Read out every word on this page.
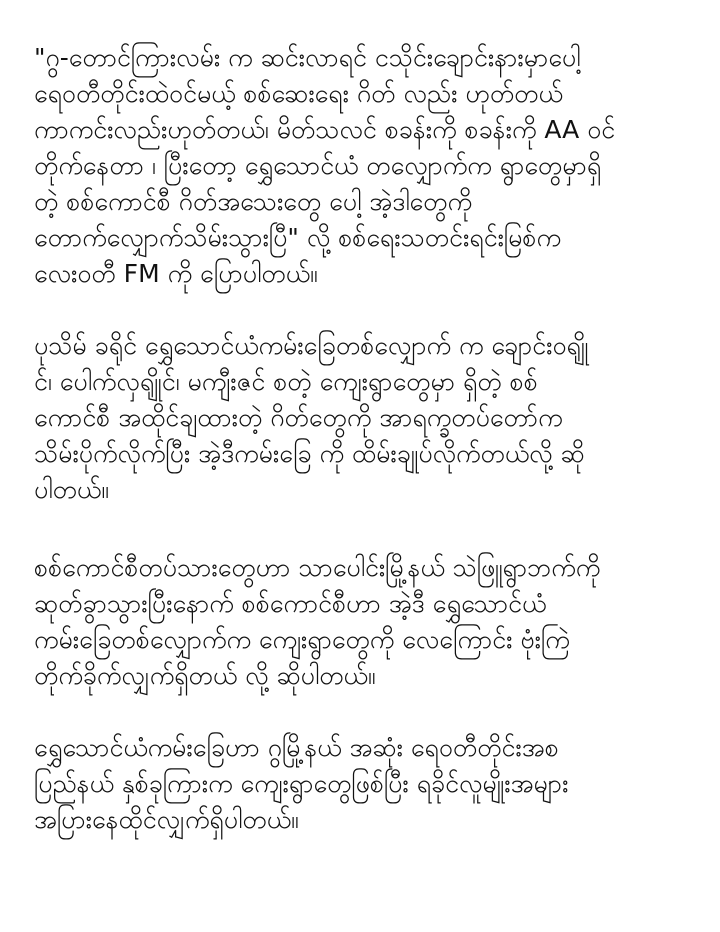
"ဂွ-တောင်ကြားလမ်း က ဆင်းလာရင် ငသိုင်းချောင်းနားမှာပေါ့
ရေဝတီတိုင်းထဲဝင်မယ့် စစ်ဆေးရေး ဂိတ် လည်း ဟုတ်တယ်
ကာကင်းလည်းဟုတ်တယ်၊ မိတ်သလင် စခန်းကို စခန်းကို AA ဝင်
တိုက်နေတာ ၊ ပြီးတော့ ရွှေသောင်ယံ တလျှောက်က ရွာတွေမှာရှိ
တဲ့ စစ်ကောင်စီ ဂိတ်အသေးတွေ ပေါ့ အဲ့ဒါတွေကို
တောက်လျှောက်သိမ်းသွားပြီ" လို့ စစ်ရေးသတင်းရင်းမြစ်က
လေးဝတီ FM ကို ပြောပါတယ်။

ပုသိမ် ခရိုင် ရွှေသောင်ယံကမ်းခြေတစ်လျှောက် က ချောင်းဝရျို
င်၊ ပေါက်လှရျိုင်၊ မကျီးဇင် စတဲ့ ကျေးရွာတွေမှာ ရှိတဲ့ စစ်
ကောင်စီ အထိုင်ချထားတဲ့ ဂိတ်တွေကို အာရက္ခတပ်တော်က
သိမ်းပိုက်လိုက်ပြီး အဲ့ဒီကမ်းခြေ ကို ထိမ်းချုပ်လိုက်တယ်လို့ ဆို
ပါတယ်။

စစ်ကောင်စီတပ်သားတွေဟာ သာပေါင်းမြို့နယ် သဲဖြူရွာဘက်ကို
ဆုတ်ခွာသွားပြီးနောက် စစ်ကောင်စီဟာ အဲ့ဒီ ရွှေသောင်ယံ
ကမ်းခြေတစ်လျှောက်က ကျေးရွာတွေကို လေကြောင်း ဗုံးကြဲ
တိုက်ခိုက်လျှက်ရှိတယ် လို့ ဆိုပါတယ်။

ရွှေသောင်ယံကမ်းခြေဟာ ဂွမြို့နယ် အဆုံး ရေဝတီတိုင်းအစ
ပြည်နယ် နှစ်ခုကြားက ကျေးရွာတွေဖြစ်ပြီး ရခိုင်လူမျိုးအများ
အပြားနေထိုင်လျှက်ရှိပါတယ်။
